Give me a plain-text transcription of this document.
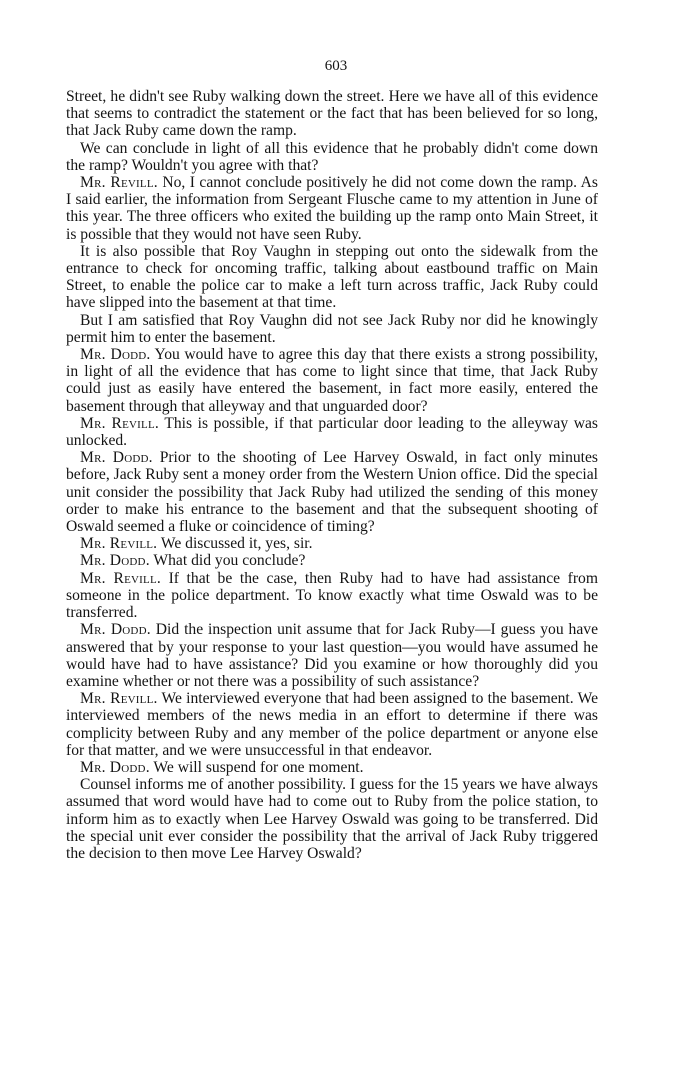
603

Street, he didn't see Ruby walking down the street. Here we have all of this evidence that seems to contradict the statement or the fact that has been believed for so long, that Jack Ruby came down the ramp.

We can conclude in light of all this evidence that he probably didn't come down the ramp? Wouldn't you agree with that?

Mr. Revill. No, I cannot conclude positively he did not come down the ramp. As I said earlier, the information from Sergeant Flusche came to my attention in June of this year. The three officers who exited the building up the ramp onto Main Street, it is possible that they would not have seen Ruby.

It is also possible that Roy Vaughn in stepping out onto the sidewalk from the entrance to check for oncoming traffic, talking about eastbound traffic on Main Street, to enable the police car to make a left turn across traffic, Jack Ruby could have slipped into the basement at that time.

But I am satisfied that Roy Vaughn did not see Jack Ruby nor did he knowingly permit him to enter the basement.

Mr. Dodd. You would have to agree this day that there exists a strong possibility, in light of all the evidence that has come to light since that time, that Jack Ruby could just as easily have entered the basement, in fact more easily, entered the basement through that alleyway and that unguarded door?

Mr. Revill. This is possible, if that particular door leading to the alleyway was unlocked.

Mr. Dodd. Prior to the shooting of Lee Harvey Oswald, in fact only minutes before, Jack Ruby sent a money order from the Western Union office. Did the special unit consider the possibility that Jack Ruby had utilized the sending of this money order to make his entrance to the basement and that the subsequent shooting of Oswald seemed a fluke or coincidence of timing?

Mr. Revill. We discussed it, yes, sir.

Mr. Dodd. What did you conclude?

Mr. Revill. If that be the case, then Ruby had to have had assistance from someone in the police department. To know exactly what time Oswald was to be transferred.

Mr. Dodd. Did the inspection unit assume that for Jack Ruby—I guess you have answered that by your response to your last question—you would have assumed he would have had to have assistance? Did you examine or how thoroughly did you examine whether or not there was a possibility of such assistance?

Mr. Revill. We interviewed everyone that had been assigned to the basement. We interviewed members of the news media in an effort to determine if there was complicity between Ruby and any member of the police department or anyone else for that matter, and we were unsuccessful in that endeavor.

Mr. Dodd. We will suspend for one moment.

Counsel informs me of another possibility. I guess for the 15 years we have always assumed that word would have had to come out to Ruby from the police station, to inform him as to exactly when Lee Harvey Oswald was going to be transferred. Did the special unit ever consider the possibility that the arrival of Jack Ruby triggered the decision to then move Lee Harvey Oswald?
